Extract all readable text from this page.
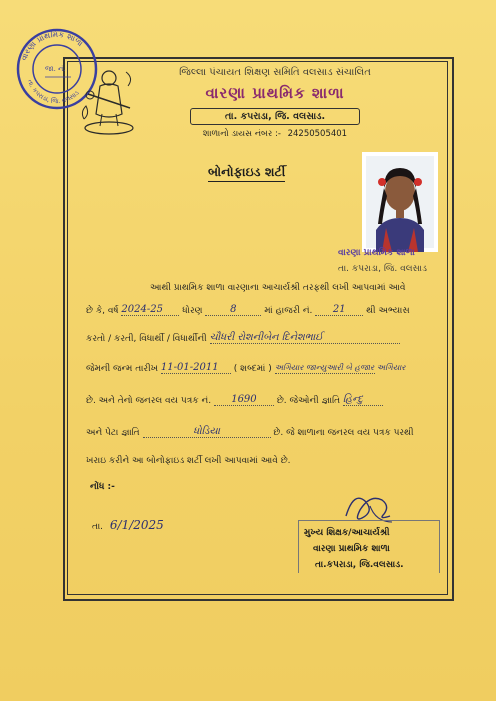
વારણા પ્રાથમિક શાળા
તા. કપરાડા, જિ. વલસાડ
જા. નં.	જિલ્લા પંચાયત શિક્ષણ સમિતિ વલસાડ સંચાલિત
વારણા પ્રાથમિક શાળા
તા. કપરાડા, જિ. વલસાડ.
શાળાનો ડાયસ નંબર :- 24250505401
બોનોફાઇડ શર્ટી
વારણા પ્રાથમિક શાળા
તા. કપરાડા, જિ. વલસાડ
આથી પ્રાથમિક શાળા વારણાના આચાર્યશ્રી તરફથી લખી આપવામાં આવે
છે કે, વર્ષ 2024-25 ધોરણ	8	માં હાજરી નં. 21 થી અભ્યાસ
કરતો / કરતી, વિધાર્થી / વિધાર્થીની ચૌધરી રોશનીબેન દિનેશભાઈ
જેમની જન્મ તારીખ 11-01-2011 ( શબ્દમાં ) અગિયાર જાન્યુઆરી બે હજાર અગિયાર
છે. અને તેનો જનરલ વય પત્રક નં. 1690 છે. જેઓની જ્ઞાતિ હિન્દુ
અને પેટા જ્ઞાતિ	ધોડિયા	છે. જે શાળાના જનરલ વય પત્રક પરથી
ખરાઇ કરીને આ બોનોફાઇડ શર્ટી લખી આપવામાં આવે છે.
નોંધ :-
તા. 6/1/2025
મુખ્ય શિક્ષક/આચાર્યશ્રી
વારણા પ્રાથમિક શાળા
તા.કપરાડા, જિ.વલસાડ.
